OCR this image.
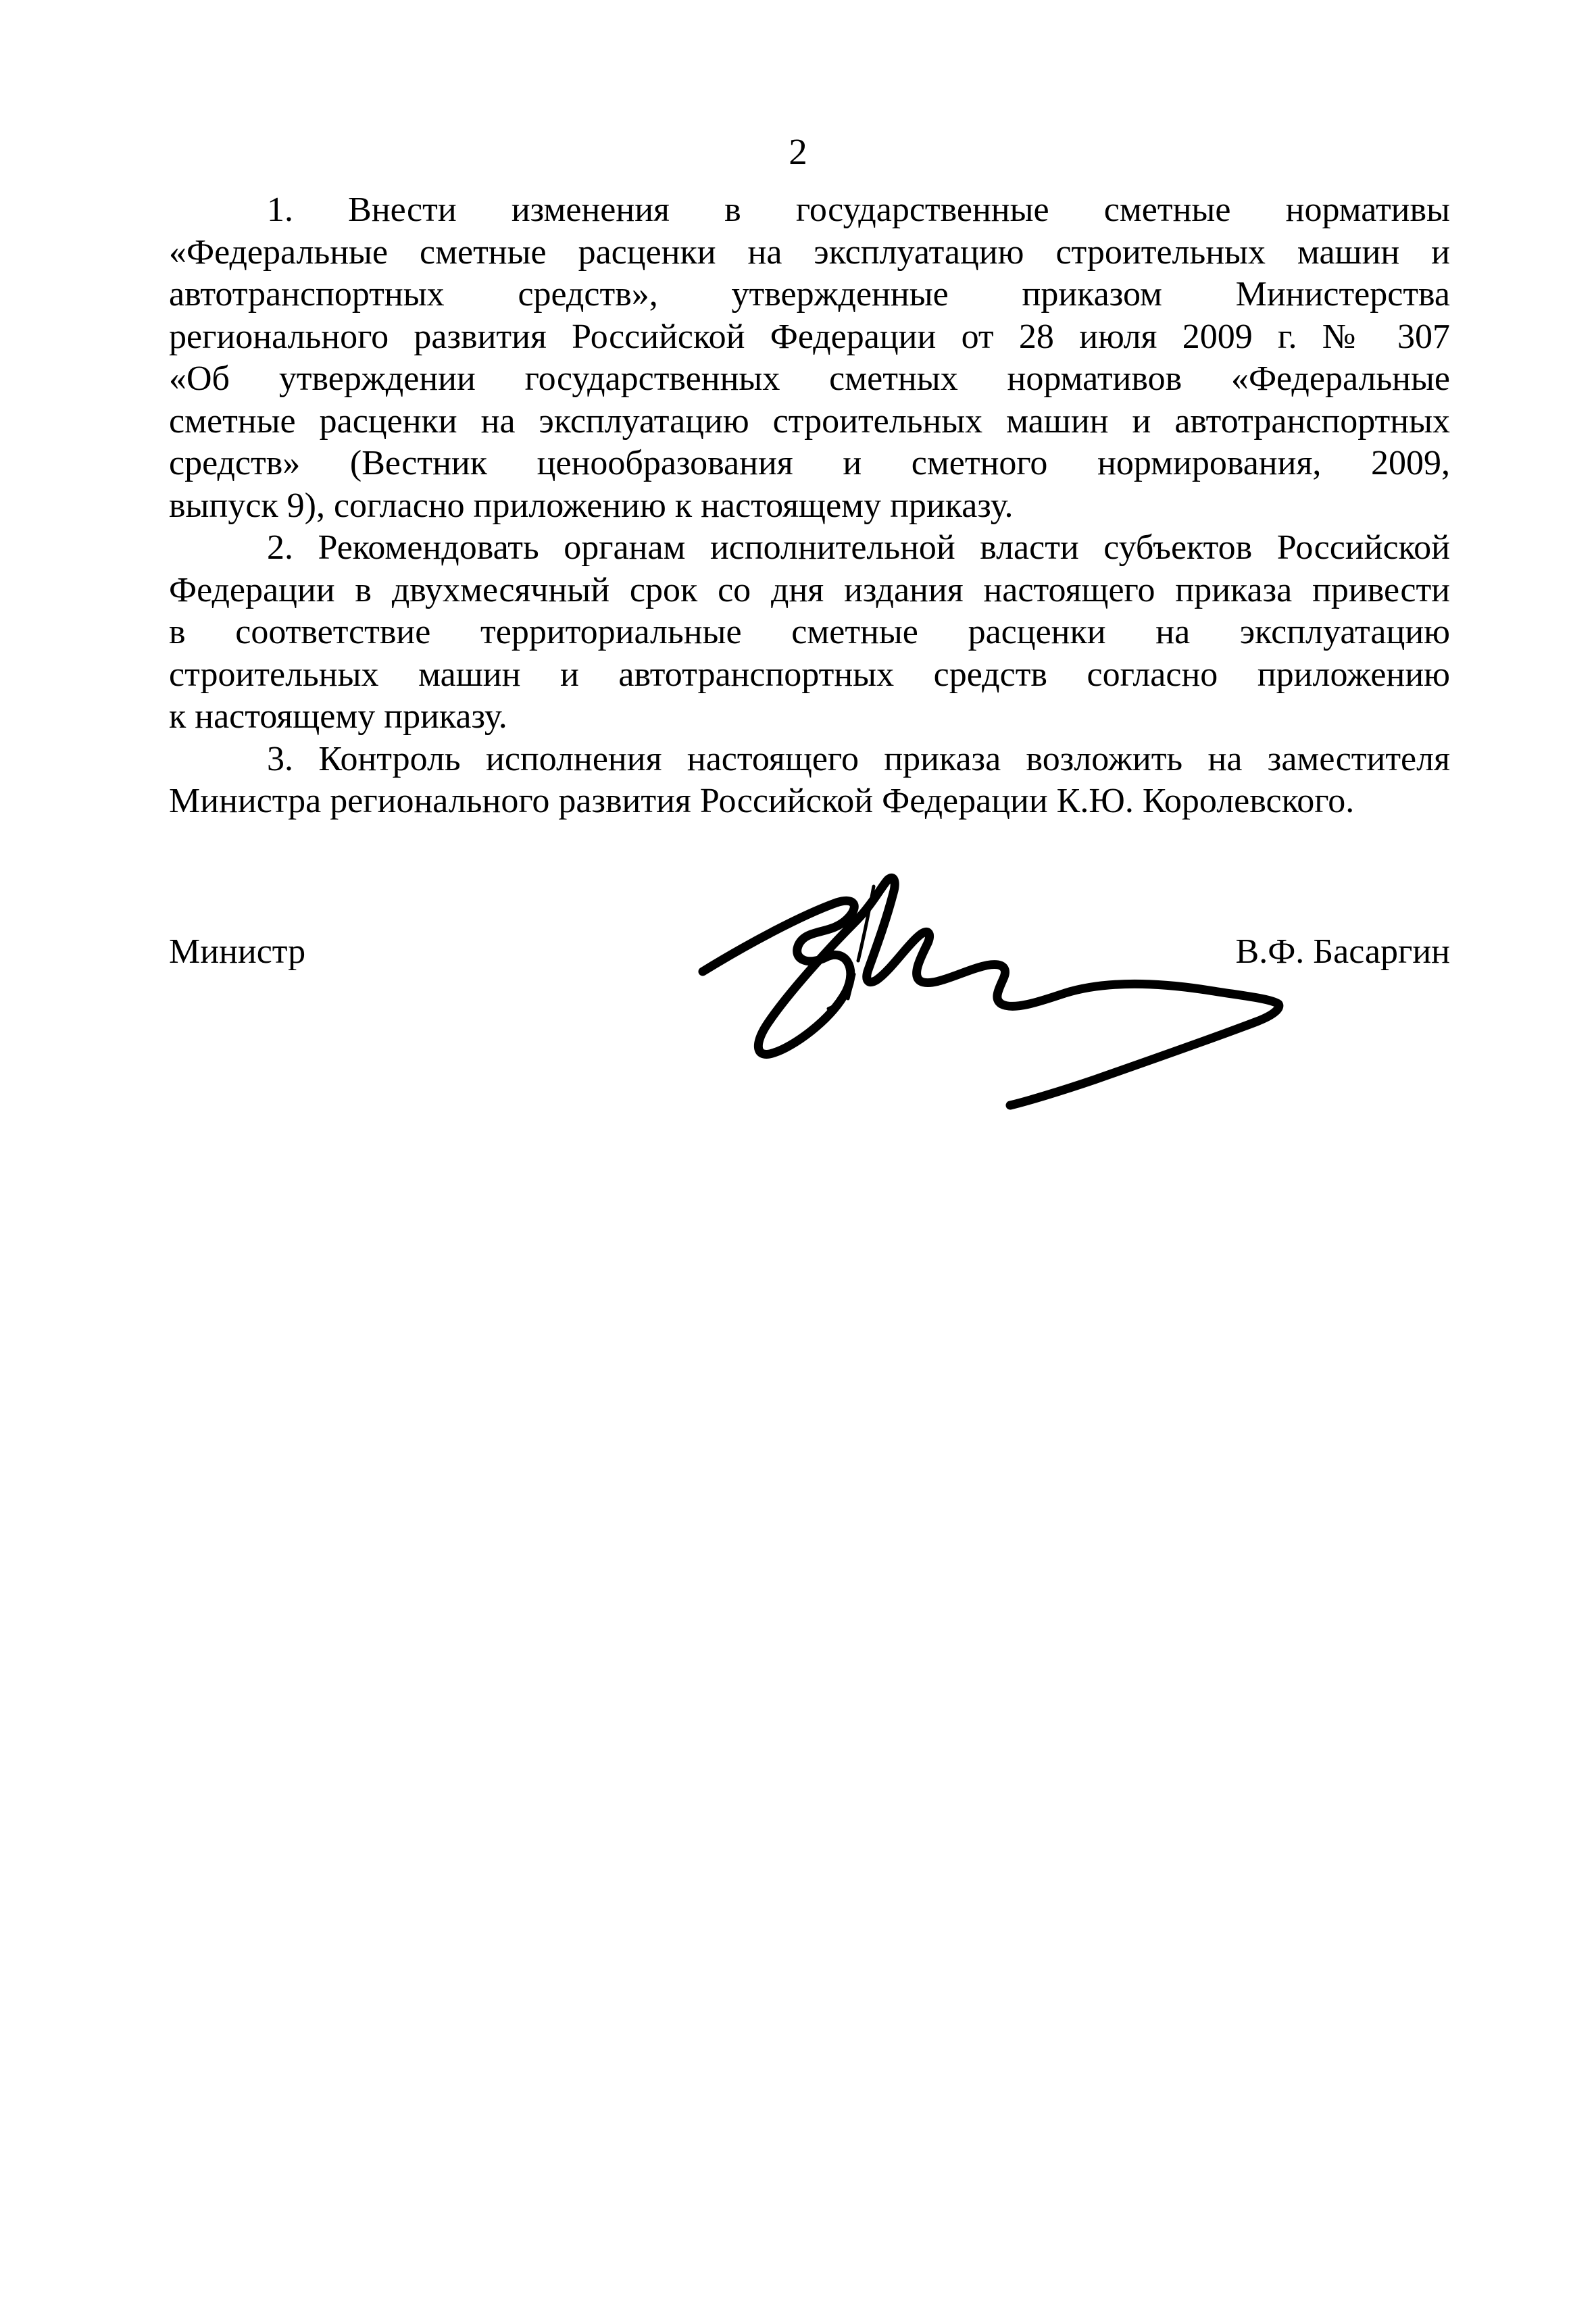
2
1. Внести изменения в государственные сметные нормативы
«Федеральные сметные расценки на эксплуатацию строительных машин и
автотранспортных средств», утвержденные приказом Министерства
регионального развития Российской Федерации от 28 июля 2009 г. № 307
«Об утверждении государственных сметных нормативов «Федеральные
сметные расценки на эксплуатацию строительных машин и автотранспортных
средств» (Вестник ценообразования и сметного нормирования, 2009,
выпуск 9), согласно приложению к настоящему приказу.
2. Рекомендовать органам исполнительной власти субъектов Российской
Федерации в двухмесячный срок со дня издания настоящего приказа привести
в соответствие территориальные сметные расценки на эксплуатацию
строительных машин и автотранспортных средств согласно приложению
к настоящему приказу.
3. Контроль исполнения настоящего приказа возложить на заместителя
Министра регионального развития Российской Федерации К.Ю. Королевского.
Министр	В.Ф. Басаргин
